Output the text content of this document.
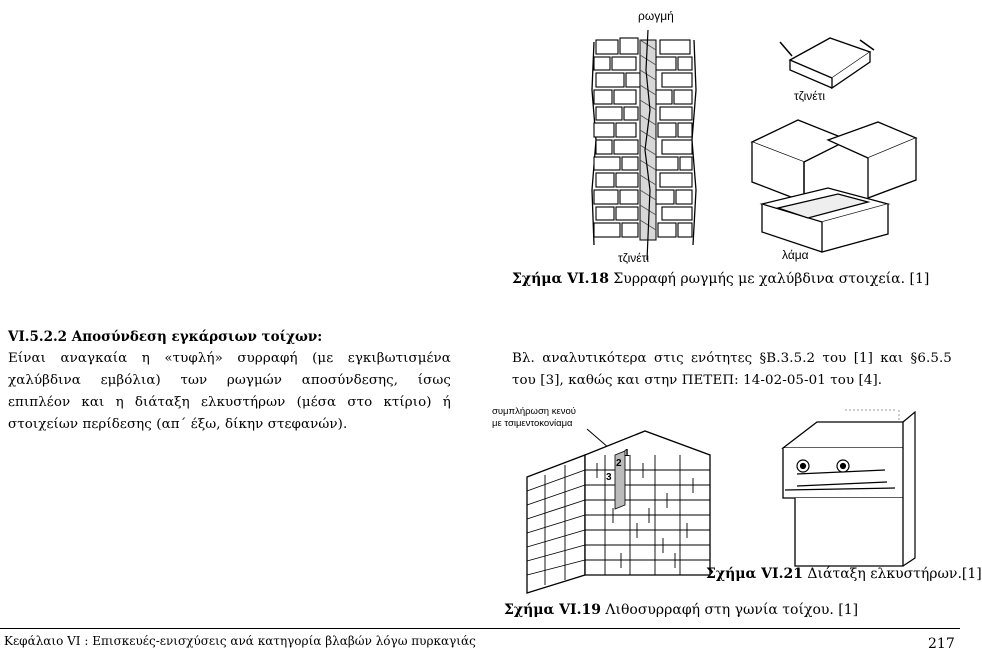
ρωγμή
τζινέτι
τζινέτι
λάμα
Σχήμα VI.18 Συρραφή ρωγμής με χαλύβδινα στοιχεία. [1]
VI.5.2.2 Αποσύνδεση εγκάρσιων τοίχων:
Είναι αναγκαία η «τυφλή» συρραφή (με εγκιβωτισμένα
χαλύβδινα εμβόλια) των ρωγμών αποσύνδεσης, ίσως
επιπλέον και η διάταξη ελκυστήρων (μέσα στο κτίριο) ή
στοιχείων περίδεσης (απ΄ έξω, δίκην στεφανών).
Βλ. αναλυτικότερα στις ενότητες §Β.3.5.2 του [1] και §6.5.5
του [3], καθώς και στην ΠΕΤΕΠ: 14-02-05-01 του [4].
συμπλήρωση κενού
με τσιμεντοκονίαμα
1
2
3
Σχήμα VI.19 Λιθοσυρραφή στη γωνία τοίχου. [1]
Σχήμα VI.21 Διάταξη ελκυστήρων.[1]
Κεφάλαιο VI : Επισκευές-ενισχύσεις ανά κατηγορία βλαβών λόγω πυρκαγιάς	217
